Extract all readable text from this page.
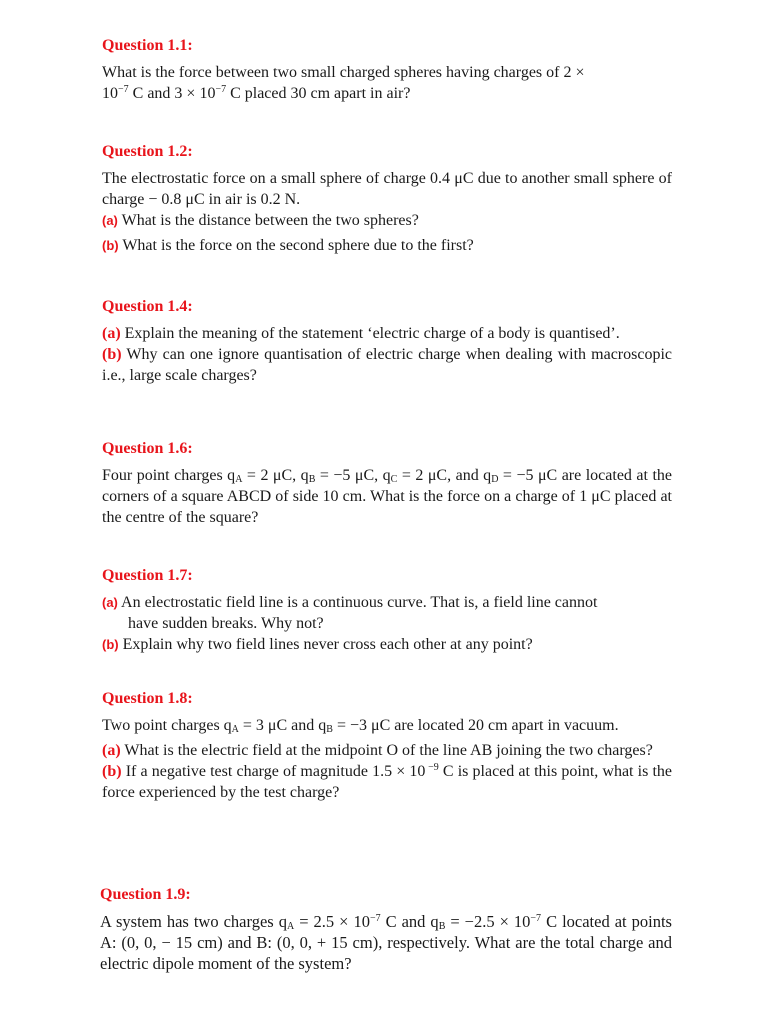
Question 1.1:

What is the force between two small charged spheres having charges of 2 ×

$10^{-7}$ C and $3 \times 10^{-7}$ C placed 30 cm apart in air?

Question 1.2:

The electrostatic force on a small sphere of charge 0.4 μC due to another small sphere of charge − 0.8 μC in air is 0.2 N.

(a) What is the distance between the two spheres?

(b) What is the force on the second sphere due to the first?

Question 1.4:

(a) Explain the meaning of the statement ‘electric charge of a body is quantised’.

(b) Why can one ignore quantisation of electric charge when dealing with macroscopic i.e., large scale charges?

Question 1.6:

Four point charges $q_A = 2$ μC, $q_B = -5$ μC, $q_C = 2$ μC, and $q_D = -5$ μC are located at the corners of a square ABCD of side 10 cm. What is the force on a charge of 1 μC placed at the centre of the square?

Question 1.7:

(a) An electrostatic field line is a continuous curve. That is, a field line cannot

have sudden breaks. Why not?

(b) Explain why two field lines never cross each other at any point?

Question 1.8:

Two point charges $q_A = 3$ μC and $q_B = -3$ μC are located 20 cm apart in vacuum.

(a) What is the electric field at the midpoint O of the line AB joining the two charges?

(b) If a negative test charge of magnitude 1.5 × 10 $^{-9}$ C is placed at this point, what is the force experienced by the test charge?

Question 1.9:

A system has two charges $q_A = 2.5 \times 10^{-7}$ C and $q_B = -2.5 \times 10^{-7}$ C located at points A: (0, 0, − 15 cm) and B: (0, 0, + 15 cm), respectively. What are the total charge and electric dipole moment of the system?
